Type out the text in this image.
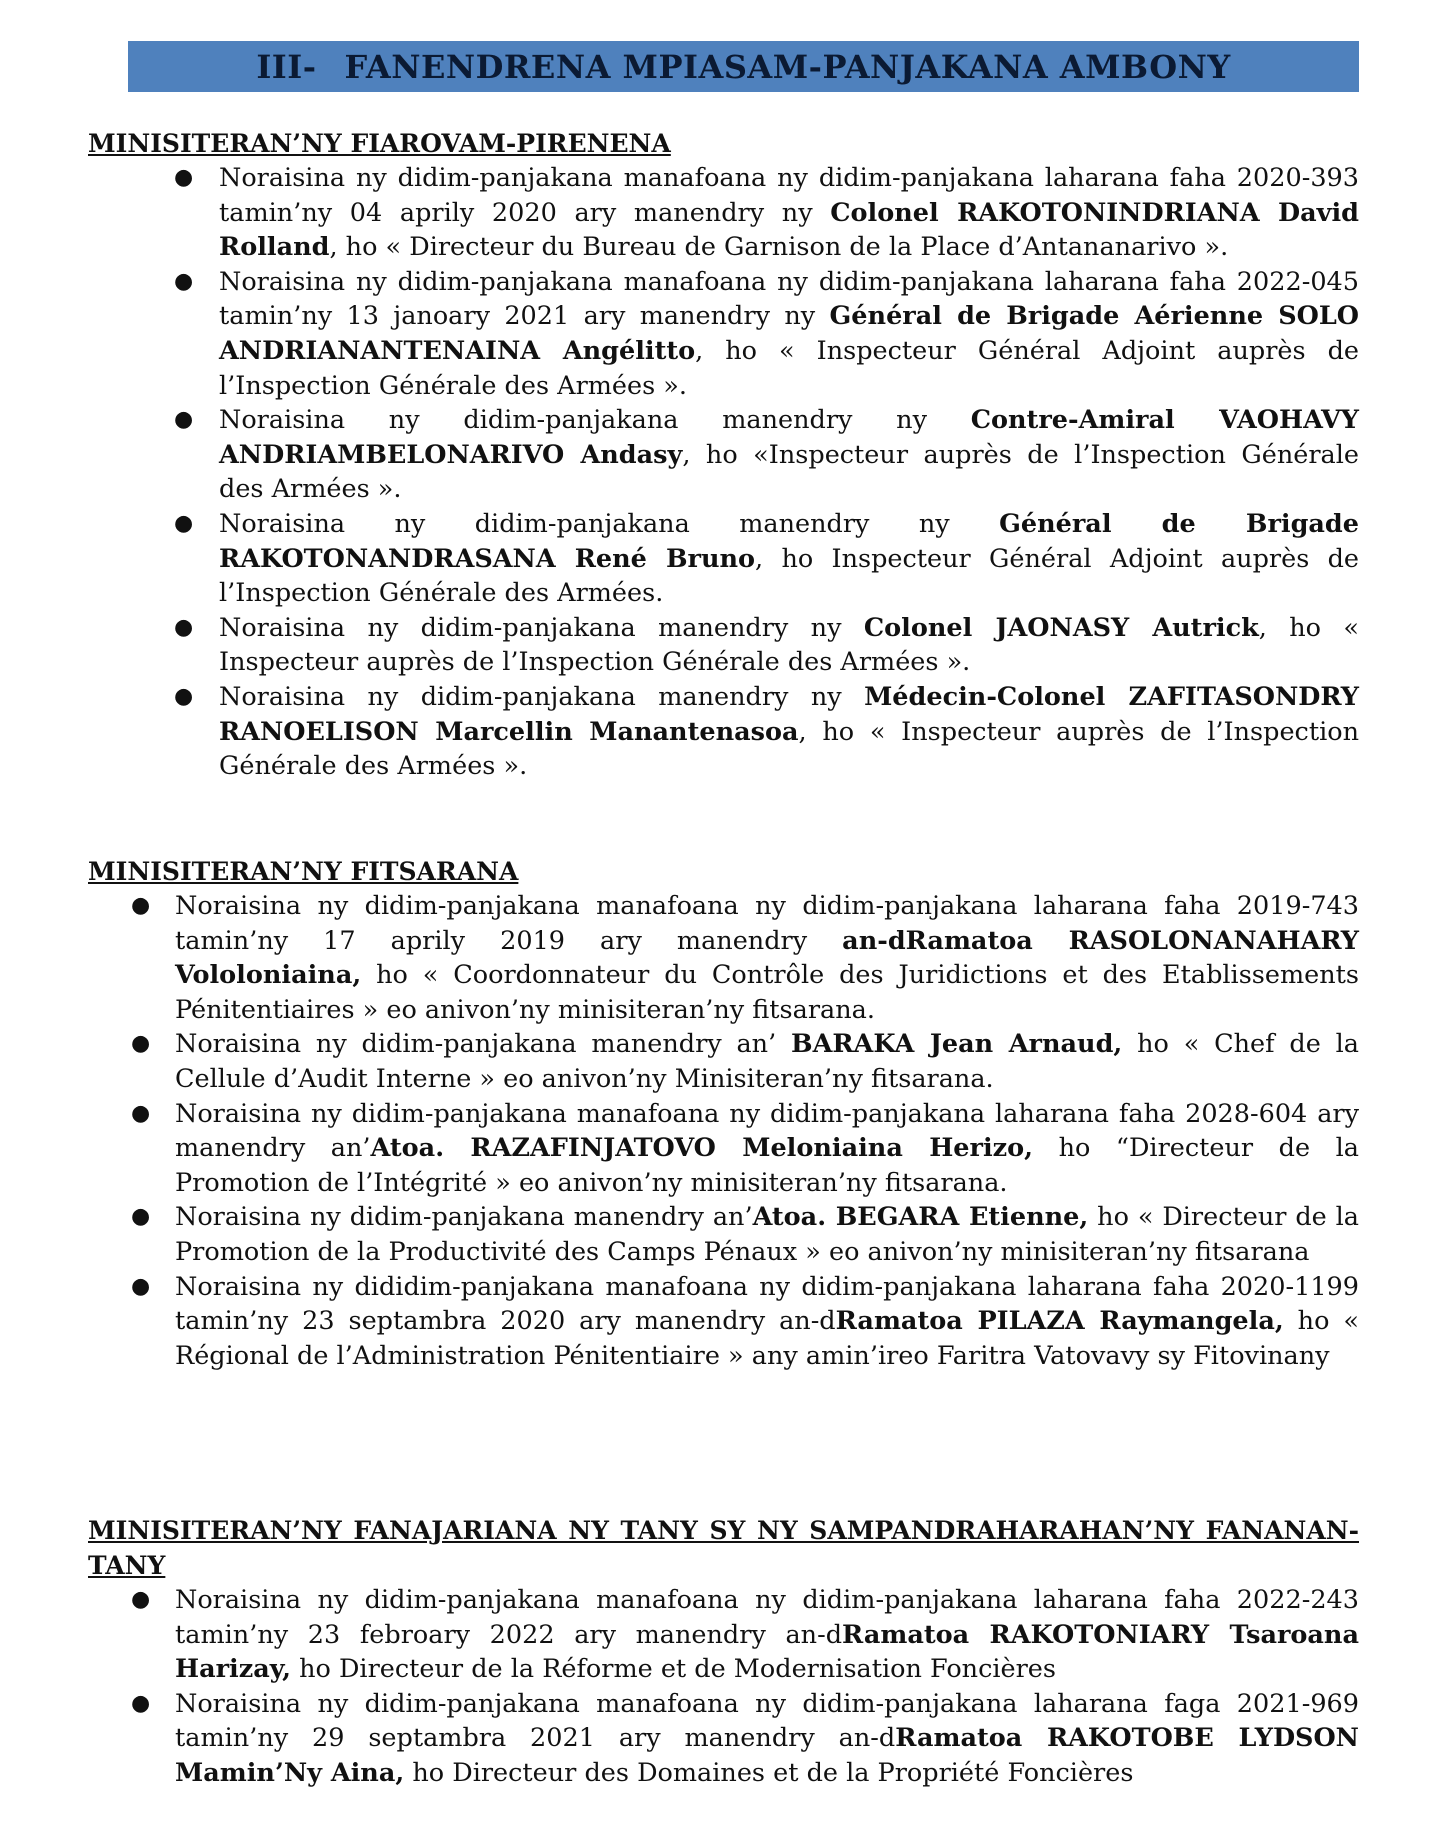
III- FANENDRENA MPIASAM-PANJAKANA AMBONY

MINISITERAN’NY FIAROVAM-PIRENENA

● Noraisina ny didim-panjakana manafoana ny didim-panjakana laharana faha 2020-393 tamin’ny 04 aprily 2020 ary manendry ny Colonel RAKOTONINDRIANA David Rolland, ho « Directeur du Bureau de Garnison de la Place d’Antananarivo ».
● Noraisina ny didim-panjakana manafoana ny didim-panjakana laharana faha 2022-045 tamin’ny 13 janoary 2021 ary manendry ny Général de Brigade Aérienne SOLO ANDRIANANTENAINA Angélitto, ho « Inspecteur Général Adjoint auprès de l’Inspection Générale des Armées ».
● Noraisina ny didim-panjakana manendry ny Contre-Amiral VAOHAVY ANDRIAMBELONARIVO Andasy, ho «Inspecteur auprès de l’Inspection Générale des Armées ».
● Noraisina ny didim-panjakana manendry ny Général de Brigade RAKOTONANDRASANA René Bruno, ho Inspecteur Général Adjoint auprès de l’Inspection Générale des Armées.
● Noraisina ny didim-panjakana manendry ny Colonel JAONASY Autrick, ho « Inspecteur auprès de l’Inspection Générale des Armées ».
● Noraisina ny didim-panjakana manendry ny Médecin-Colonel ZAFITASONDRY RANOELISON Marcellin Manantenasoa, ho « Inspecteur auprès de l’Inspection Générale des Armées ».

MINISITERAN’NY FITSARANA

● Noraisina ny didim-panjakana manafoana ny didim-panjakana laharana faha 2019-743 tamin’ny 17 aprily 2019 ary manendry an-dRamatoa RASOLONANAHARY Vololoniaina, ho « Coordonnateur du Contrôle des Juridictions et des Etablissements Pénitentiaires » eo anivon’ny minisiteran’ny fitsarana.
● Noraisina ny didim-panjakana manendry an’ BARAKA Jean Arnaud, ho « Chef de la Cellule d’Audit Interne » eo anivon’ny Minisiteran’ny fitsarana.
● Noraisina ny didim-panjakana manafoana ny didim-panjakana laharana faha 2028-604 ary manendry an’Atoa. RAZAFINJATOVO Meloniaina Herizo, ho “Directeur de la Promotion de l’Intégrité » eo anivon’ny minisiteran’ny fitsarana.
● Noraisina ny didim-panjakana manendry an’Atoa. BEGARA Etienne, ho « Directeur de la Promotion de la Productivité des Camps Pénaux » eo anivon’ny minisiteran’ny fitsarana
● Noraisina ny dididim-panjakana manafoana ny didim-panjakana laharana faha 2020-1199 tamin’ny 23 septambra 2020 ary manendry an-dRamatoa PILAZA Raymangela, ho « Régional de l’Administration Pénitentiaire » any amin’ireo Faritra Vatovavy sy Fitovinany

MINISITERAN’NY FANAJARIANA NY TANY SY NY SAMPANDRAHARAHAN’NY FANANAN-TANY

● Noraisina ny didim-panjakana manafoana ny didim-panjakana laharana faha 2022-243 tamin’ny 23 febroary 2022 ary manendry an-dRamatoa RAKOTONIARY Tsaroana Harizay, ho Directeur de la Réforme et de Modernisation Foncières
● Noraisina ny didim-panjakana manafoana ny didim-panjakana laharana faga 2021-969 tamin’ny 29 septambra 2021 ary manendry an-dRamatoa RAKOTOBE LYDSON Mamin’Ny Aina, ho Directeur des Domaines et de la Propriété Foncières
